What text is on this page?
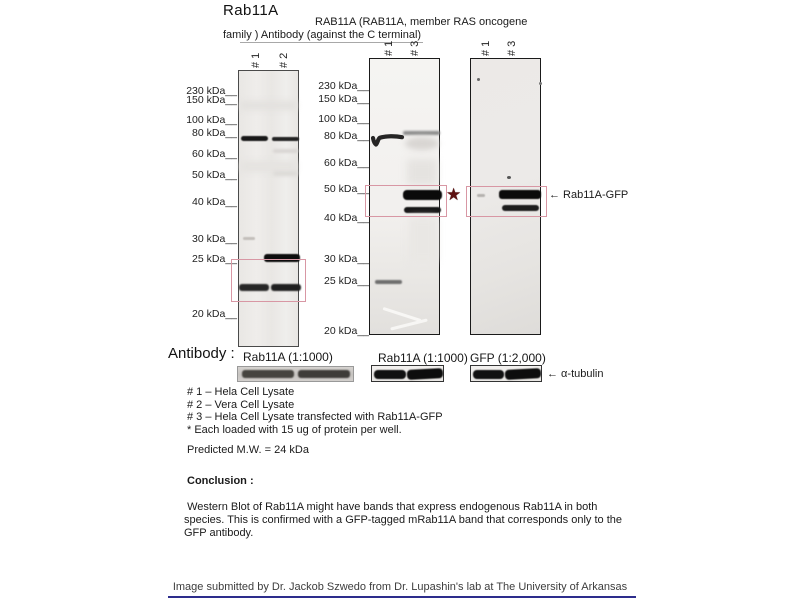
Rab11A
RAB11A (RAB11A, member RAS oncogene
family ) Antibody (against the C terminal)
# 1 # 2
# 1 # 3	# 1 # 3
230 kDa__
150 kDa__
100 kDa__
80 kDa__
60 kDa__
50 kDa__
40 kDa__
30 kDa__
25 kDa__
20 kDa__
230 kDa__
150 kDa__
100 kDa__
80 kDa__
60 kDa__
50 kDa__
40 kDa__
30 kDa__
25 kDa__
20 kDa__
★	← Rab11A-GFP
Antibody : Rab11A (1:1000)	Rab11A (1:1000) GFP (1:2,000)
← α-tubulin
# 1 – Hela Cell Lysate
# 2 – Vera Cell Lysate
# 3 – Hela Cell Lysate transfected with Rab11A-GFP
* Each loaded with 15 ug of protein per well.
Predicted M.W. = 24 kDa
Conclusion :
Western Blot of Rab11A might have bands that express endogenous Rab11A in both species. This is confirmed with a GFP-tagged mRab11A band that corresponds only to the GFP antibody.
Image submitted by Dr. Jackob Szwedo from Dr. Lupashin's lab at The University of Arkansas
